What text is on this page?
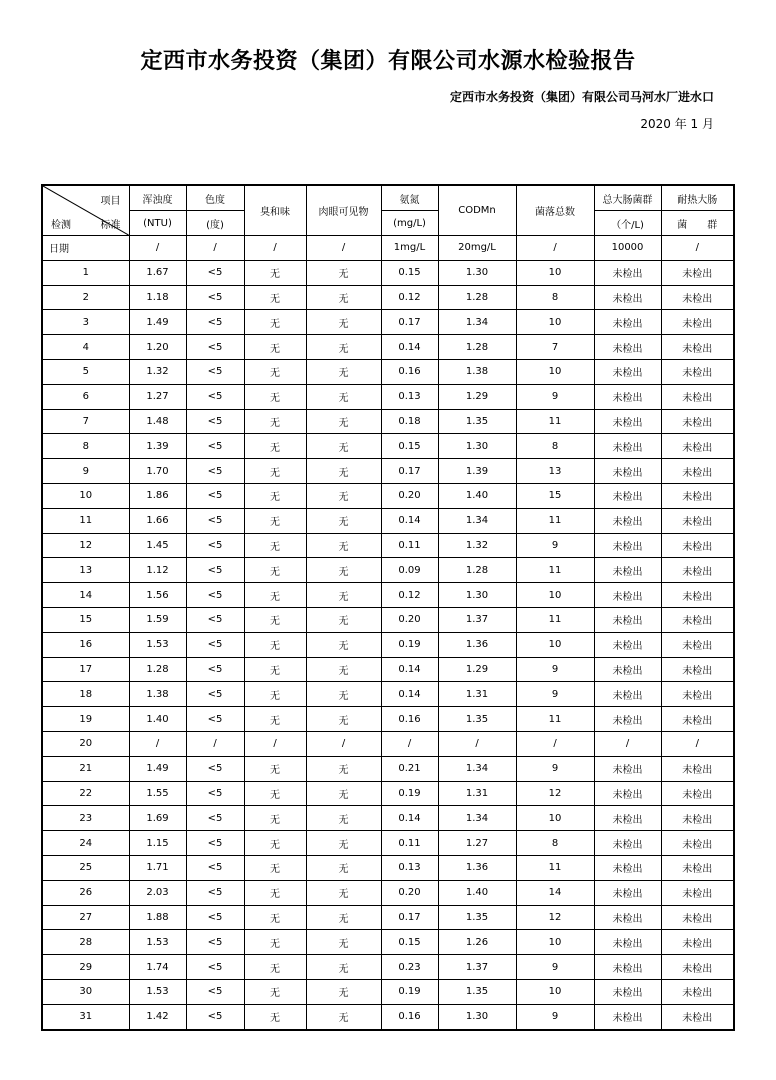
定西市水务投资（集团）有限公司水源水检验报告
定西市水务投资（集团）有限公司马河水厂进水口
2020 年 1 月
项目
检测 标准	浑浊度	色度	臭和味	肉眼可见物	氨氮	CODMn	菌落总数	总大肠菌群	耐热大肠
	(NTU)	(度)			(mg/L)			（个/L)	菌　　群
日期	/	/	/	/	1mg/L	20mg/L	/	10000	/
1	1.67	<5	无	无	0.15	1.30	10	未检出	未检出
2	1.18	<5	无	无	0.12	1.28	8	未检出	未检出
3	1.49	<5	无	无	0.17	1.34	10	未检出	未检出
4	1.20	<5	无	无	0.14	1.28	7	未检出	未检出
5	1.32	<5	无	无	0.16	1.38	10	未检出	未检出
6	1.27	<5	无	无	0.13	1.29	9	未检出	未检出
7	1.48	<5	无	无	0.18	1.35	11	未检出	未检出
8	1.39	<5	无	无	0.15	1.30	8	未检出	未检出
9	1.70	<5	无	无	0.17	1.39	13	未检出	未检出
10	1.86	<5	无	无	0.20	1.40	15	未检出	未检出
11	1.66	<5	无	无	0.14	1.34	11	未检出	未检出
12	1.45	<5	无	无	0.11	1.32	9	未检出	未检出
13	1.12	<5	无	无	0.09	1.28	11	未检出	未检出
14	1.56	<5	无	无	0.12	1.30	10	未检出	未检出
15	1.59	<5	无	无	0.20	1.37	11	未检出	未检出
16	1.53	<5	无	无	0.19	1.36	10	未检出	未检出
17	1.28	<5	无	无	0.14	1.29	9	未检出	未检出
18	1.38	<5	无	无	0.14	1.31	9	未检出	未检出
19	1.40	<5	无	无	0.16	1.35	11	未检出	未检出
20	/	/	/	/	/	/	/	/	/
21	1.49	<5	无	无	0.21	1.34	9	未检出	未检出
22	1.55	<5	无	无	0.19	1.31	12	未检出	未检出
23	1.69	<5	无	无	0.14	1.34	10	未检出	未检出
24	1.15	<5	无	无	0.11	1.27	8	未检出	未检出
25	1.71	<5	无	无	0.13	1.36	11	未检出	未检出
26	2.03	<5	无	无	0.20	1.40	14	未检出	未检出
27	1.88	<5	无	无	0.17	1.35	12	未检出	未检出
28	1.53	<5	无	无	0.15	1.26	10	未检出	未检出
29	1.74	<5	无	无	0.23	1.37	9	未检出	未检出
30	1.53	<5	无	无	0.19	1.35	10	未检出	未检出
31	1.42	<5	无	无	0.16	1.30	9	未检出	未检出
